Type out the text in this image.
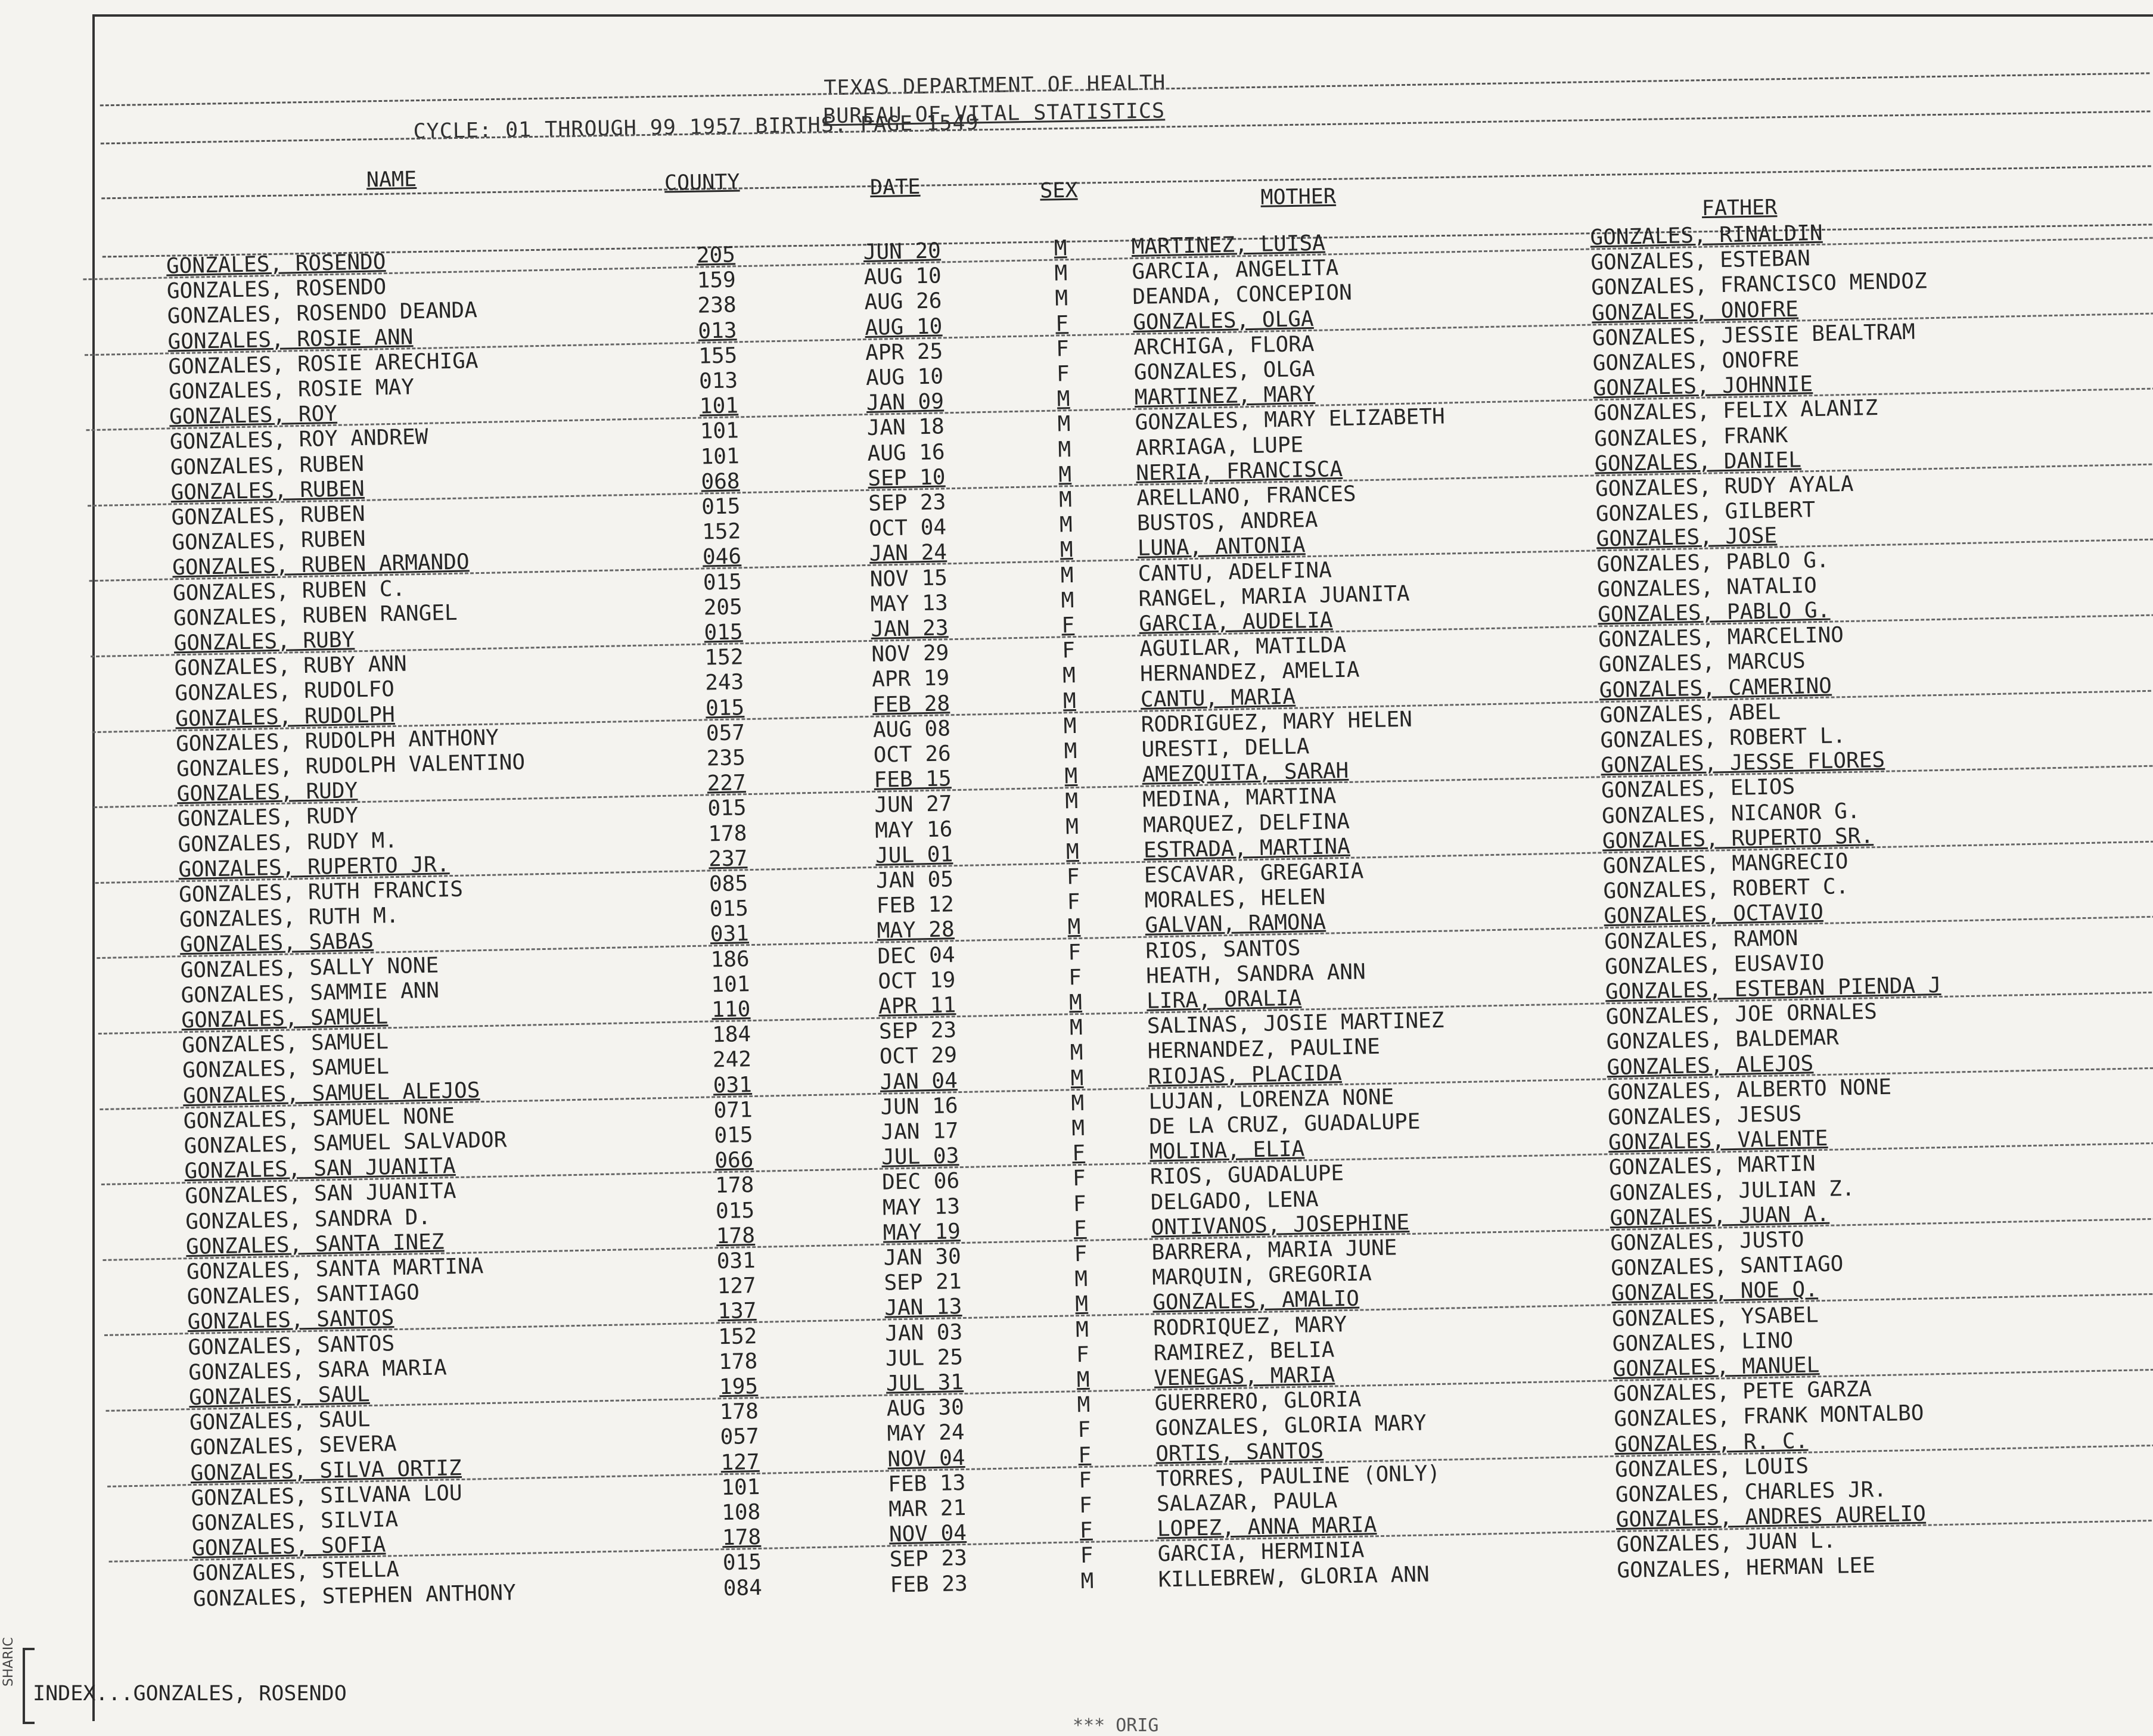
TEXAS DEPARTMENT OF HEALTH
BUREAU OF VITAL STATISTICS
CYCLE: 01 THROUGH 99 1957 BIRTHS. PAGE 1549
NAME	COUNTY	DATE	SEX	MOTHER	FATHER
GONZALES, ROSENDO	205	JUN 20	M	MARTINEZ, LUISA	GONZALES, RINALDIN
GONZALES, ROSENDO	159	AUG 10	M	GARCIA, ANGELITA	GONZALES, ESTEBAN
GONZALES, ROSENDO DEANDA	238	AUG 26	M	DEANDA, CONCEPION	GONZALES, FRANCISCO MENDOZ
GONZALES, ROSIE ANN	013	AUG 10	F	GONZALES, OLGA	GONZALES, ONOFRE
GONZALES, ROSIE ARECHIGA	155	APR 25	F	ARCHIGA, FLORA	GONZALES, JESSIE BEALTRAM
GONZALES, ROSIE MAY	013	AUG 10	F	GONZALES, OLGA	GONZALES, ONOFRE
GONZALES, ROY	101	JAN 09	M	MARTINEZ, MARY	GONZALES, JOHNNIE
GONZALES, ROY ANDREW	101	JAN 18	M	GONZALES, MARY ELIZABETH	GONZALES, FELIX ALANIZ
GONZALES, RUBEN	101	AUG 16	M	ARRIAGA, LUPE	GONZALES, FRANK
GONZALES, RUBEN	068	SEP 10	M	NERIA, FRANCISCA	GONZALES, DANIEL
GONZALES, RUBEN	015	SEP 23	M	ARELLANO, FRANCES	GONZALES, RUDY AYALA
GONZALES, RUBEN	152	OCT 04	M	BUSTOS, ANDREA	GONZALES, GILBERT
GONZALES, RUBEN ARMANDO	046	JAN 24	M	LUNA, ANTONIA	GONZALES, JOSE
GONZALES, RUBEN C.	015	NOV 15	M	CANTU, ADELFINA	GONZALES, PABLO G.
GONZALES, RUBEN RANGEL	205	MAY 13	M	RANGEL, MARIA JUANITA	GONZALES, NATALIO
GONZALES, RUBY	015	JAN 23	F	GARCIA, AUDELIA	GONZALES, PABLO G.
GONZALES, RUBY ANN	152	NOV 29	F	AGUILAR, MATILDA	GONZALES, MARCELINO
GONZALES, RUDOLFO	243	APR 19	M	HERNANDEZ, AMELIA	GONZALES, MARCUS
GONZALES, RUDOLPH	015	FEB 28	M	CANTU, MARIA	GONZALES, CAMERINO
GONZALES, RUDOLPH ANTHONY	057	AUG 08	M	RODRIGUEZ, MARY HELEN	GONZALES, ABEL
GONZALES, RUDOLPH VALENTINO	235	OCT 26	M	URESTI, DELLA	GONZALES, ROBERT L.
GONZALES, RUDY	227	FEB 15	M	AMEZQUITA, SARAH	GONZALES, JESSE FLORES
GONZALES, RUDY	015	JUN 27	M	MEDINA, MARTINA	GONZALES, ELIOS
GONZALES, RUDY M.	178	MAY 16	M	MARQUEZ, DELFINA	GONZALES, NICANOR G.
GONZALES, RUPERTO JR.	237	JUL 01	M	ESTRADA, MARTINA	GONZALES, RUPERTO SR.
GONZALES, RUTH FRANCIS	085	JAN 05	F	ESCAVAR, GREGARIA	GONZALES, MANGRECIO
GONZALES, RUTH M.	015	FEB 12	F	MORALES, HELEN	GONZALES, ROBERT C.
GONZALES, SABAS	031	MAY 28	M	GALVAN, RAMONA	GONZALES, OCTAVIO
GONZALES, SALLY NONE	186	DEC 04	F	RIOS, SANTOS	GONZALES, RAMON
GONZALES, SAMMIE ANN	101	OCT 19	F	HEATH, SANDRA ANN	GONZALES, EUSAVIO
GONZALES, SAMUEL	110	APR 11	M	LIRA, ORALIA	GONZALES, ESTEBAN PIENDA J
GONZALES, SAMUEL	184	SEP 23	M	SALINAS, JOSIE MARTINEZ	GONZALES, JOE ORNALES
GONZALES, SAMUEL	242	OCT 29	M	HERNANDEZ, PAULINE	GONZALES, BALDEMAR
GONZALES, SAMUEL ALEJOS	031	JAN 04	M	RIOJAS, PLACIDA	GONZALES, ALEJOS
GONZALES, SAMUEL NONE	071	JUN 16	M	LUJAN, LORENZA NONE	GONZALES, ALBERTO NONE
GONZALES, SAMUEL SALVADOR	015	JAN 17	M	DE LA CRUZ, GUADALUPE	GONZALES, JESUS
GONZALES, SAN JUANITA	066	JUL 03	F	MOLINA, ELIA	GONZALES, VALENTE
GONZALES, SAN JUANITA	178	DEC 06	F	RIOS, GUADALUPE	GONZALES, MARTIN
GONZALES, SANDRA D.	015	MAY 13	F	DELGADO, LENA	GONZALES, JULIAN Z.
GONZALES, SANTA INEZ	178	MAY 19	F	ONTIVANOS, JOSEPHINE	GONZALES, JUAN A.
GONZALES, SANTA MARTINA	031	JAN 30	F	BARRERA, MARIA JUNE	GONZALES, JUSTO
GONZALES, SANTIAGO	127	SEP 21	M	MARQUIN, GREGORIA	GONZALES, SANTIAGO
GONZALES, SANTOS	137	JAN 13	M	GONZALES, AMALIO	GONZALES, NOE Q.
GONZALES, SANTOS	152	JAN 03	M	RODRIQUEZ, MARY	GONZALES, YSABEL
GONZALES, SARA MARIA	178	JUL 25	F	RAMIREZ, BELIA	GONZALES, LINO
GONZALES, SAUL	195	JUL 31	M	VENEGAS, MARIA	GONZALES, MANUEL
GONZALES, SAUL	178	AUG 30	M	GUERRERO, GLORIA	GONZALES, PETE GARZA
GONZALES, SEVERA	057	MAY 24	F	GONZALES, GLORIA MARY	GONZALES, FRANK MONTALBO
GONZALES, SILVA ORTIZ	127	NOV 04	F	ORTIS, SANTOS	GONZALES, R. C.
GONZALES, SILVANA LOU	101	FEB 13	F	TORRES, PAULINE (ONLY)	GONZALES, LOUIS
GONZALES, SILVIA	108	MAR 21	F	SALAZAR, PAULA	GONZALES, CHARLES JR.
GONZALES, SOFIA	178	NOV 04	F	LOPEZ, ANNA MARIA	GONZALES, ANDRES AURELIO
GONZALES, STELLA	015	SEP 23	F	GARCIA, HERMINIA	GONZALES, JUAN L.
GONZALES, STEPHEN ANTHONY	084	FEB 23	M	KILLEBREW, GLORIA ANN	GONZALES, HERMAN LEE
INDEX...GONZALES, ROSENDO
SHARIC
*** ORIG
